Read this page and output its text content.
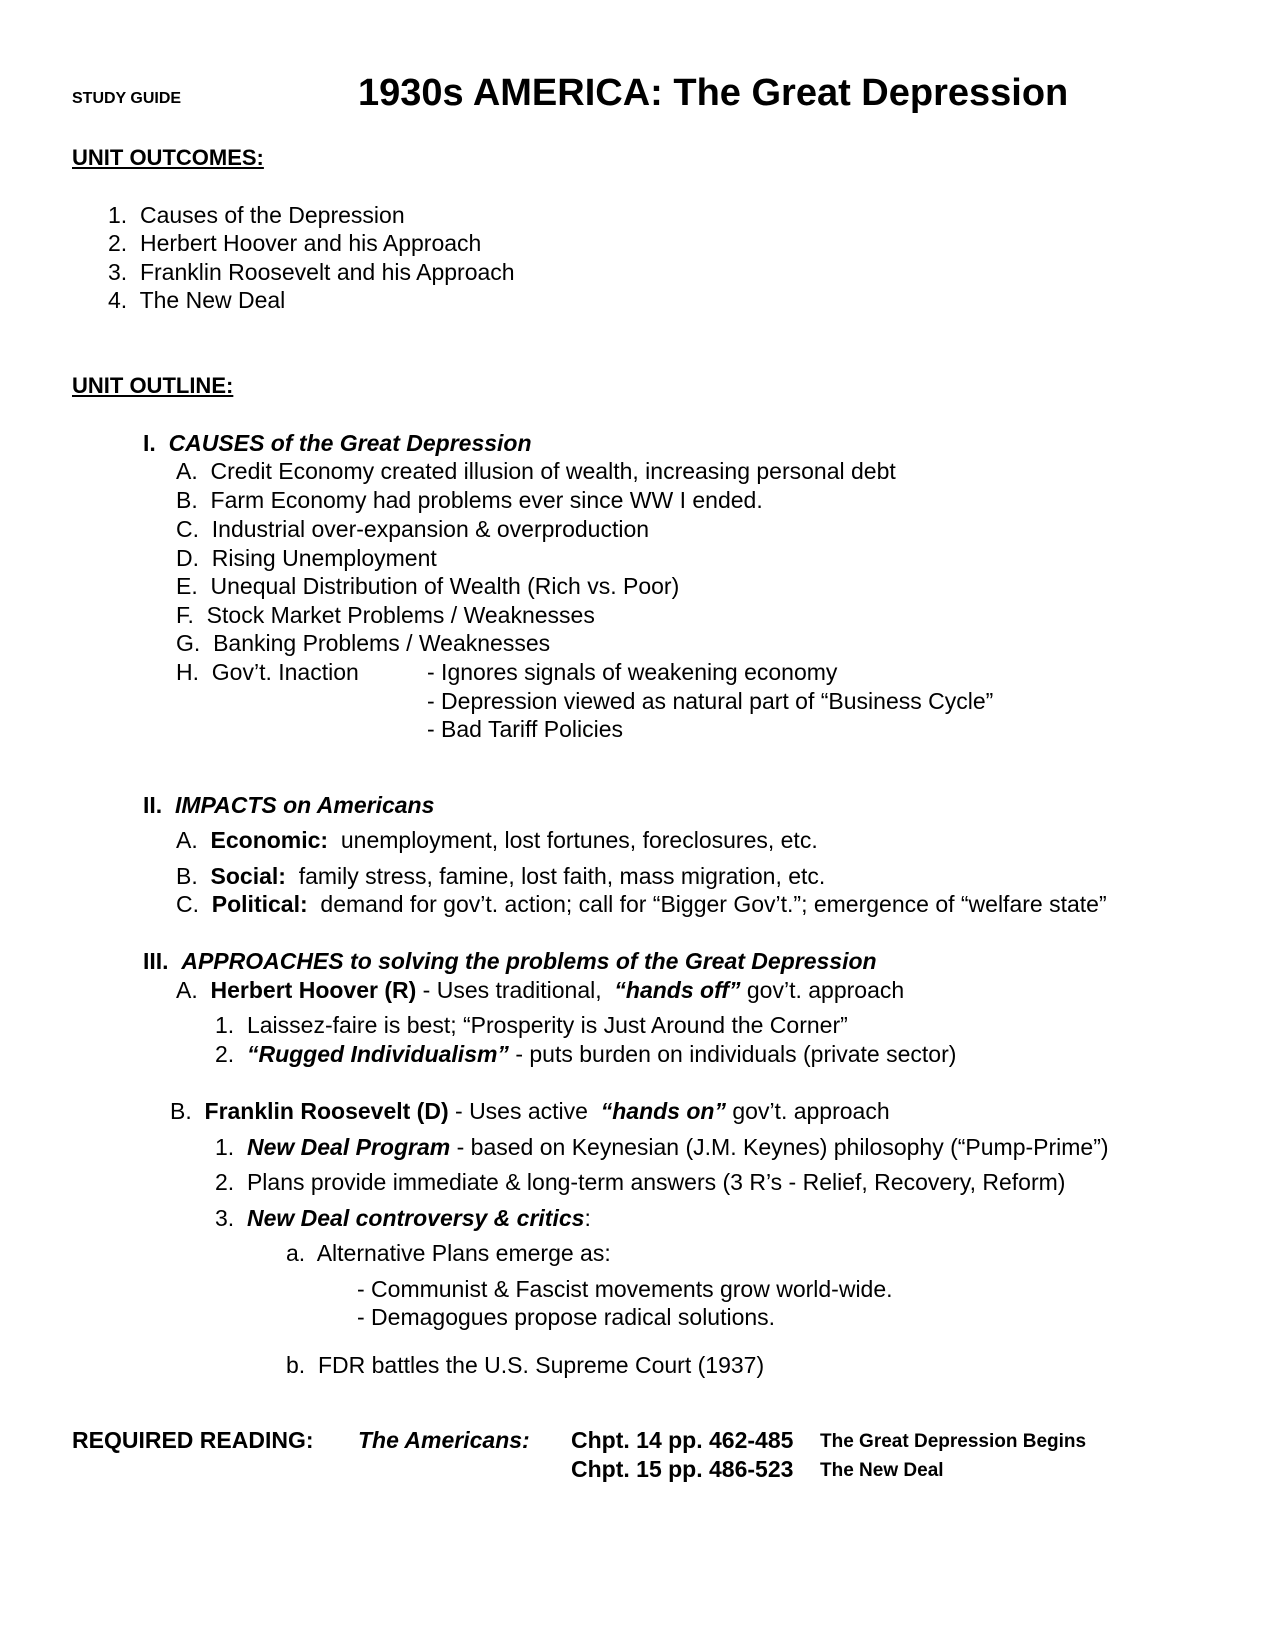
STUDY GUIDE	1930s AMERICA: The Great Depression
UNIT OUTCOMES:
1. Causes of the Depression
2. Herbert Hoover and his Approach
3. Franklin Roosevelt and his Approach
4. The New Deal
UNIT OUTLINE:
I. CAUSES of the Great Depression
A. Credit Economy created illusion of wealth, increasing personal debt
B. Farm Economy had problems ever since WW I ended.
C. Industrial over-expansion & overproduction
D. Rising Unemployment
E. Unequal Distribution of Wealth (Rich vs. Poor)
F. Stock Market Problems / Weaknesses
G. Banking Problems / Weaknesses
H. Gov’t. Inaction	- Ignores signals of weakening economy
- Depression viewed as natural part of “Business Cycle”
- Bad Tariff Policies
II. IMPACTS on Americans
A. Economic: unemployment, lost fortunes, foreclosures, etc.
B. Social: family stress, famine, lost faith, mass migration, etc.
C. Political: demand for gov’t. action; call for “Bigger Gov’t.”; emergence of “welfare state”
III. APPROACHES to solving the problems of the Great Depression
A. Herbert Hoover (R) - Uses traditional, “hands off” gov’t. approach
1. Laissez-faire is best; “Prosperity is Just Around the Corner”
2. “Rugged Individualism” - puts burden on individuals (private sector)
B. Franklin Roosevelt (D) - Uses active “hands on” gov’t. approach
1. New Deal Program - based on Keynesian (J.M. Keynes) philosophy (“Pump-Prime”)
2. Plans provide immediate & long-term answers (3 R’s - Relief, Recovery, Reform)
3. New Deal controversy & critics:
a. Alternative Plans emerge as:
- Communist & Fascist movements grow world-wide.
- Demagogues propose radical solutions.
b. FDR battles the U.S. Supreme Court (1937)
REQUIRED READING: The Americans: Chpt. 14 pp. 462-485 The Great Depression Begins
Chpt. 15 pp. 486-523 The New Deal
